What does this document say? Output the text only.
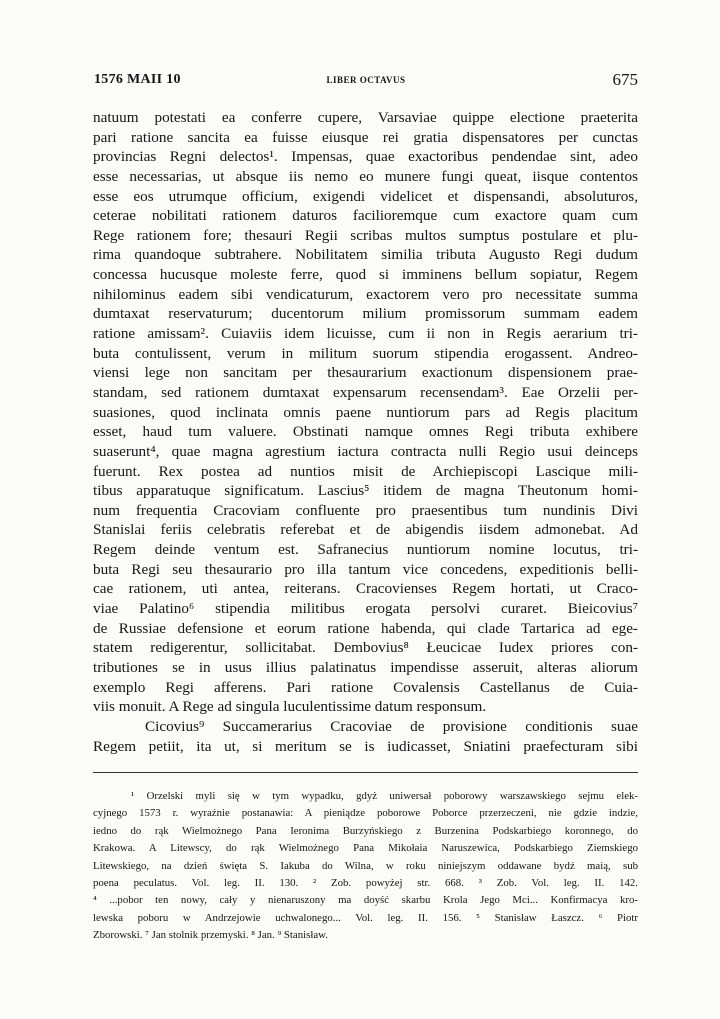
1576 MAII 10	LIBER OCTAVUS	675
natuum potestati ea conferre cupere, Varsaviae quippe electione praeterita
pari ratione sancita ea fuisse eiusque rei gratia dispensatores per cunctas
provincias Regni delectos¹. Impensas, quae exactoribus pendendae sint, adeo
esse necessarias, ut absque iis nemo eo munere fungi queat, iisque contentos
esse eos utrumque officium, exigendi videlicet et dispensandi, absoluturos,
ceterae nobilitati rationem daturos facilioremque cum exactore quam cum
Rege rationem fore; thesauri Regii scribas multos sumptus postulare et plu-
rima quandoque subtrahere. Nobilitatem similia tributa Augusto Regi dudum
concessa hucusque moleste ferre, quod si imminens bellum sopiatur, Regem
nihilominus eadem sibi vendicaturum, exactorem vero pro necessitate summa
dumtaxat reservaturum; ducentorum milium promissorum summam eadem
ratione amissam². Cuiaviis idem licuisse, cum ii non in Regis aerarium tri-
buta contulissent, verum in militum suorum stipendia erogassent. Andreo-
viensi lege non sancitam per thesaurarium exactionum dispensionem prae-
standam, sed rationem dumtaxat expensarum recensendam³. Eae Orzelii per-
suasiones, quod inclinata omnis paene nuntiorum pars ad Regis placitum
esset, haud tum valuere. Obstinati namque omnes Regi tributa exhibere
suaserunt⁴, quae magna agrestium iactura contracta nulli Regio usui deinceps
fuerunt. Rex postea ad nuntios misit de Archiepiscopi Lascique mili-
tibus apparatuque significatum. Lascius⁵ itidem de magna Theutonum homi-
num frequentia Cracoviam confluente pro praesentibus tum nundinis Divi
Stanislai feriis celebratis referebat et de abigendis iisdem admonebat. Ad
Regem deinde ventum est. Safranecius nuntiorum nomine locutus, tri-
buta Regi seu thesaurario pro illa tantum vice concedens, expeditionis belli-
cae rationem, uti antea, reiterans. Cracovienses Regem hortati, ut Craco-
viae Palatino⁶ stipendia militibus erogata persolvi curaret. Bieicovius⁷
de Russiae defensione et eorum ratione habenda, qui clade Tartarica ad ege-
statem redigerentur, sollicitabat. Dembovius⁸ Łeucicae Iudex priores con-
tributiones se in usus illius palatinatus impendisse asseruit, alteras aliorum
exemplo Regi afferens. Pari ratione Covalensis Castellanus de Cuia-
viis monuit. A Rege ad singula luculentissime datum responsum.
Cicovius⁹ Succamerarius Cracoviae de provisione conditionis suae
Regem petiit, ita ut, si meritum se is iudicasset, Sniatini praefecturam sibi
¹ Orzelski myli się w tym wypadku, gdyż uniwersał poborowy warszawskiego sejmu elek-
cyjnego 1573 r. wyraźnie postanawia: A pieniądze poborowe Poborce przerzeczeni, nie gdzie indzie,
iedno do rąk Wielmożnego Pana Ieronima Burzyńskiego z Burzenina Podskarbiego koronnego, do
Krakowa. A Litewscy, do rąk Wielmożnego Pana Mikołaia Naruszewica, Podskarbiego Ziemskiego
Litewskiego, na dzień święta S. Iakuba do Wilna, w roku niniejszym oddawane bydź maią, sub
poena peculatus. Vol. leg. II. 130. ² Zob. powyżej str. 668. ³ Zob. Vol. leg. II. 142.
⁴ ...pobor ten nowy, cały y nienaruszony ma doyść skarbu Krola Jego Mci... Konfirmacya kro-
lewska poboru w Andrzejowie uchwalonego... Vol. leg. II. 156. ⁵ Stanisław Łaszcz. ⁶ Piotr
Zborowski. ⁷ Jan stolnik przemyski. ⁸ Jan. ⁹ Stanisław.
